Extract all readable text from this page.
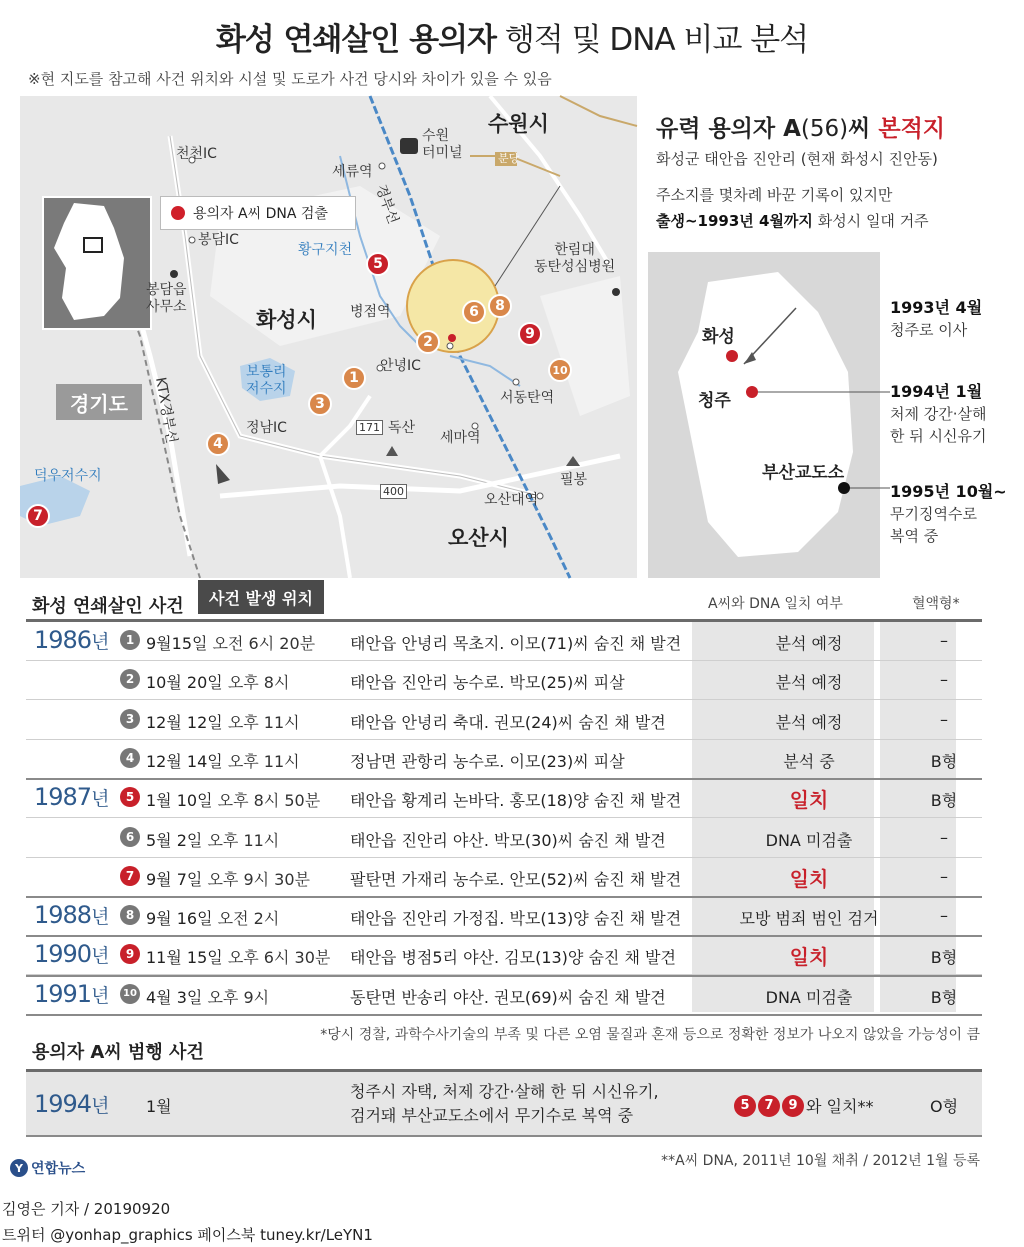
화성 연쇄살인 용의자 행적 및 DNA 비교 분석
※현 지도를 참고해 사건 위치와 시설 및 도로가 사건 당시와 차이가 있을 수 있음
용의자 A씨 DNA 검출
경기도
사건 발생 위치
수원시
화성시
오산시
천천IC
봉담IC
봉담읍
사무소
세류역
수원
터미널	분당
황구지천
경부선
KTX경부선
병점역
안녕IC
보통리
저수지
정남IC	독산
세마역
서동탄역
한림대
동탄성심병원
필봉
오산대역
덕우저수지
171
400
1
2
3
4
5
6
7
8
9
10
유력 용의자 A(56)씨 본적지
화성군 태안읍 진안리 (현재 화성시 진안동)
주소지를 몇차례 바꾼 기록이 있지만
출생~1993년 4월까지 화성시 일대 거주
화성
청주
부산교도소
1993년 4월
청주로 이사
1994년 1월
처제 강간·살해
한 뒤 시신유기
1995년 10월~
무기징역수로
복역 중
화성 연쇄살인 사건	A씨와 DNA 일치 여부	혈액형*
1986년	1 9월15일 오전 6시 20분 태안읍 안녕리 목초지. 이모(71)씨 숨진 채 발견	분석 예정	–
2 10월 20일 오후 8시	태안읍 진안리 농수로. 박모(25)씨 피살	분석 예정	–
3 12월 12일 오후 11시	태안읍 안녕리 축대. 권모(24)씨 숨진 채 발견	분석 예정	–
4 12월 14일 오후 11시	정남면 관항리 농수로. 이모(23)씨 피살	분석 중	B형
1987년	5 1월 10일 오후 8시 50분 태안읍 황계리 논바닥. 홍모(18)양 숨진 채 발견	일치	B형
6 5월 2일 오후 11시	태안읍 진안리 야산. 박모(30)씨 숨진 채 발견	DNA 미검출	–
7 9월 7일 오후 9시 30분	팔탄면 가재리 농수로. 안모(52)씨 숨진 채 발견	일치	–
1988년	8 9월 16일 오전 2시	태안읍 진안리 가정집. 박모(13)양 숨진 채 발견	모방 범죄 범인 검거	–
1990년	9 11월 15일 오후 6시 30분 태안읍 병점5리 야산. 김모(13)양 숨진 채 발견	일치	B형
1991년	10 4월 3일 오후 9시	동탄면 반송리 야산. 권모(69)씨 숨진 채 발견	DNA 미검출	B형
*당시 경찰, 과학수사기술의 부족 및 다른 오염 물질과 혼재 등으로 정확한 정보가 나오지 않았을 가능성이 큼
용의자 A씨 범행 사건
1994년 1월
청주시 자택, 처제 강간·살해 한 뒤 시신유기,
검거돼 부산교도소에서 무기수로 복역 중
5	7	9 와 일치**	O형
**A씨 DNA, 2011년 10월 채취 / 2012년 1월 등록
Y 연합뉴스
김영은 기자 / 20190920
트위터 @yonhap_graphics 페이스북 tuney.kr/LeYN1
